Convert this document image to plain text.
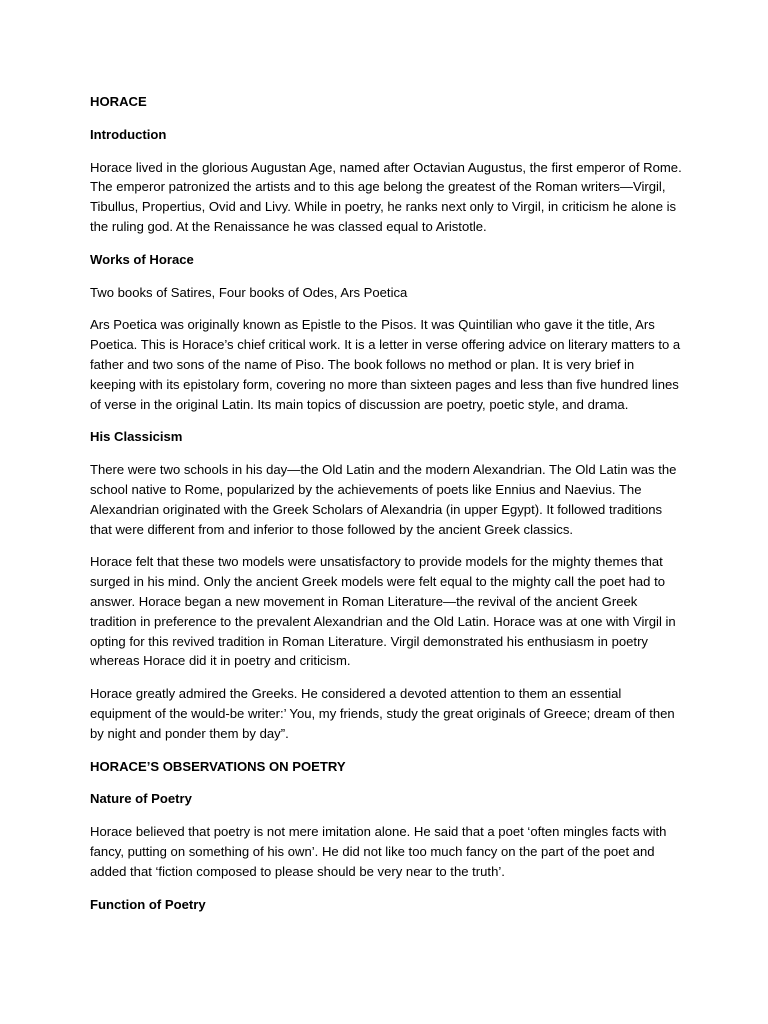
HORACE
Introduction
Horace lived in the glorious Augustan Age, named after Octavian Augustus, the first emperor of Rome. The emperor patronized the artists and to this age belong the greatest of the Roman writers—Virgil, Tibullus, Propertius, Ovid and Livy. While in poetry, he ranks next only to Virgil, in criticism he alone is the ruling god. At the Renaissance he was classed equal to Aristotle.
Works of Horace
Two books of Satires, Four books of Odes, Ars Poetica
Ars Poetica was originally known as Epistle to the Pisos. It was Quintilian who gave it the title, Ars Poetica. This is Horace’s chief critical work. It is a letter in verse offering advice on literary matters to a father and two sons of the name of Piso. The book follows no method or plan. It is very brief in keeping with its epistolary form, covering no more than sixteen pages and less than five hundred lines of verse in the original Latin. Its main topics of discussion are poetry, poetic style, and drama.
His Classicism
There were two schools in his day—the Old Latin and the modern Alexandrian. The Old Latin was the school native to Rome, popularized by the achievements of poets like Ennius and Naevius. The Alexandrian originated with the Greek Scholars of Alexandria (in upper Egypt). It followed traditions that were different from and inferior to those followed by the ancient Greek classics.
Horace felt that these two models were unsatisfactory to provide models for the mighty themes that surged in his mind. Only the ancient Greek models were felt equal to the mighty call the poet had to answer. Horace began a new movement in Roman Literature—the revival of the ancient Greek tradition in preference to the prevalent Alexandrian and the Old Latin. Horace was at one with Virgil in opting for this revived tradition in Roman Literature. Virgil demonstrated his enthusiasm in poetry whereas Horace did it in poetry and criticism.
Horace greatly admired the Greeks. He considered a devoted attention to them an essential equipment of the would-be writer:’ You, my friends, study the great originals of Greece; dream of then by night and ponder them by day”.
HORACE’S OBSERVATIONS ON POETRY
Nature of Poetry
Horace believed that poetry is not mere imitation alone. He said that a poet ‘often mingles facts with fancy, putting on something of his own’. He did not like too much fancy on the part of the poet and added that ‘fiction composed to please should be very near to the truth’.
Function of Poetry
